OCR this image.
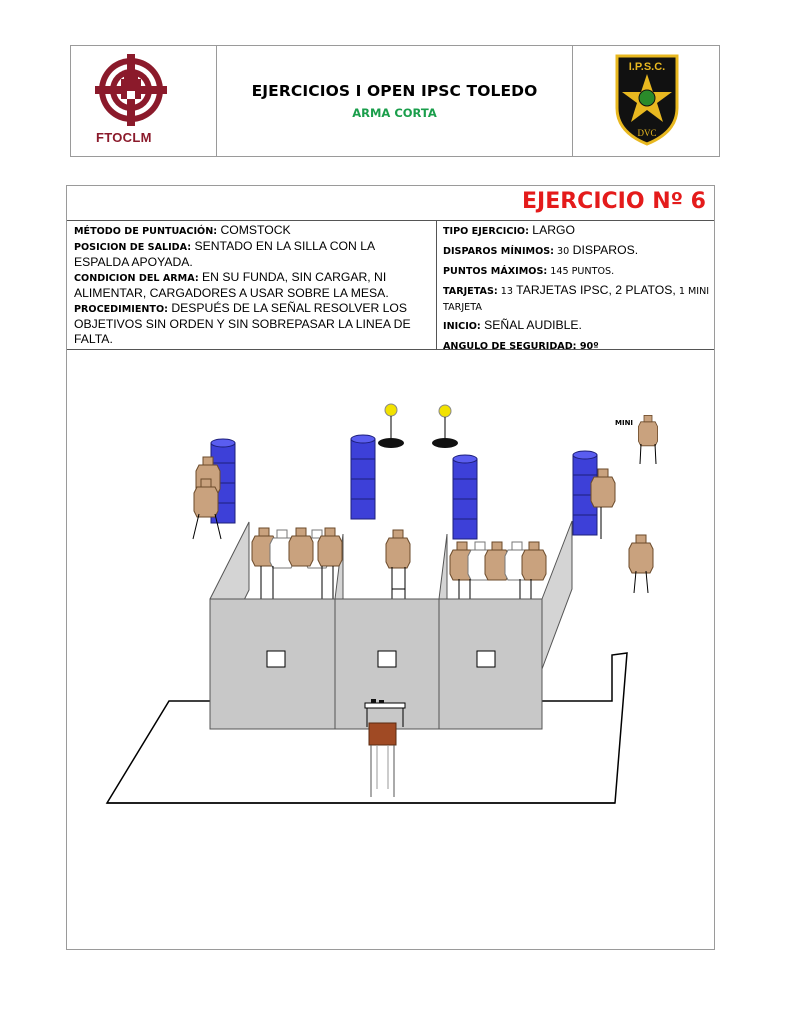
FTOCLM
EJERCICIOS I OPEN IPSC TOLEDO
ARMA CORTA
I.P.S.C.
DVC
EJERCICIO Nº 6
MÉTODO DE PUNTUACIÓN: COMSTOCK
POSICION DE SALIDA: SENTADO EN LA SILLA CON LA ESPALDA APOYADA.
CONDICION DEL ARMA: EN SU FUNDA, SIN CARGAR, NI ALIMENTAR, CARGADORES A USAR SOBRE LA MESA.
PROCEDIMIENTO: DESPUÉS DE LA SEÑAL RESOLVER LOS OBJETIVOS SIN ORDEN Y SIN SOBREPASAR LA LINEA DE FALTA.
TIPO EJERCICIO: LARGO
DISPAROS MÍNIMOS: 30 DISPAROS.
PUNTOS MÁXIMOS: 145 PUNTOS.
TARJETAS: 13 TARJETAS IPSC, 2 PLATOS, 1 MINI TARJETA
INICIO: SEÑAL AUDIBLE.
ANGULO DE SEGURIDAD: 90º
MINI
